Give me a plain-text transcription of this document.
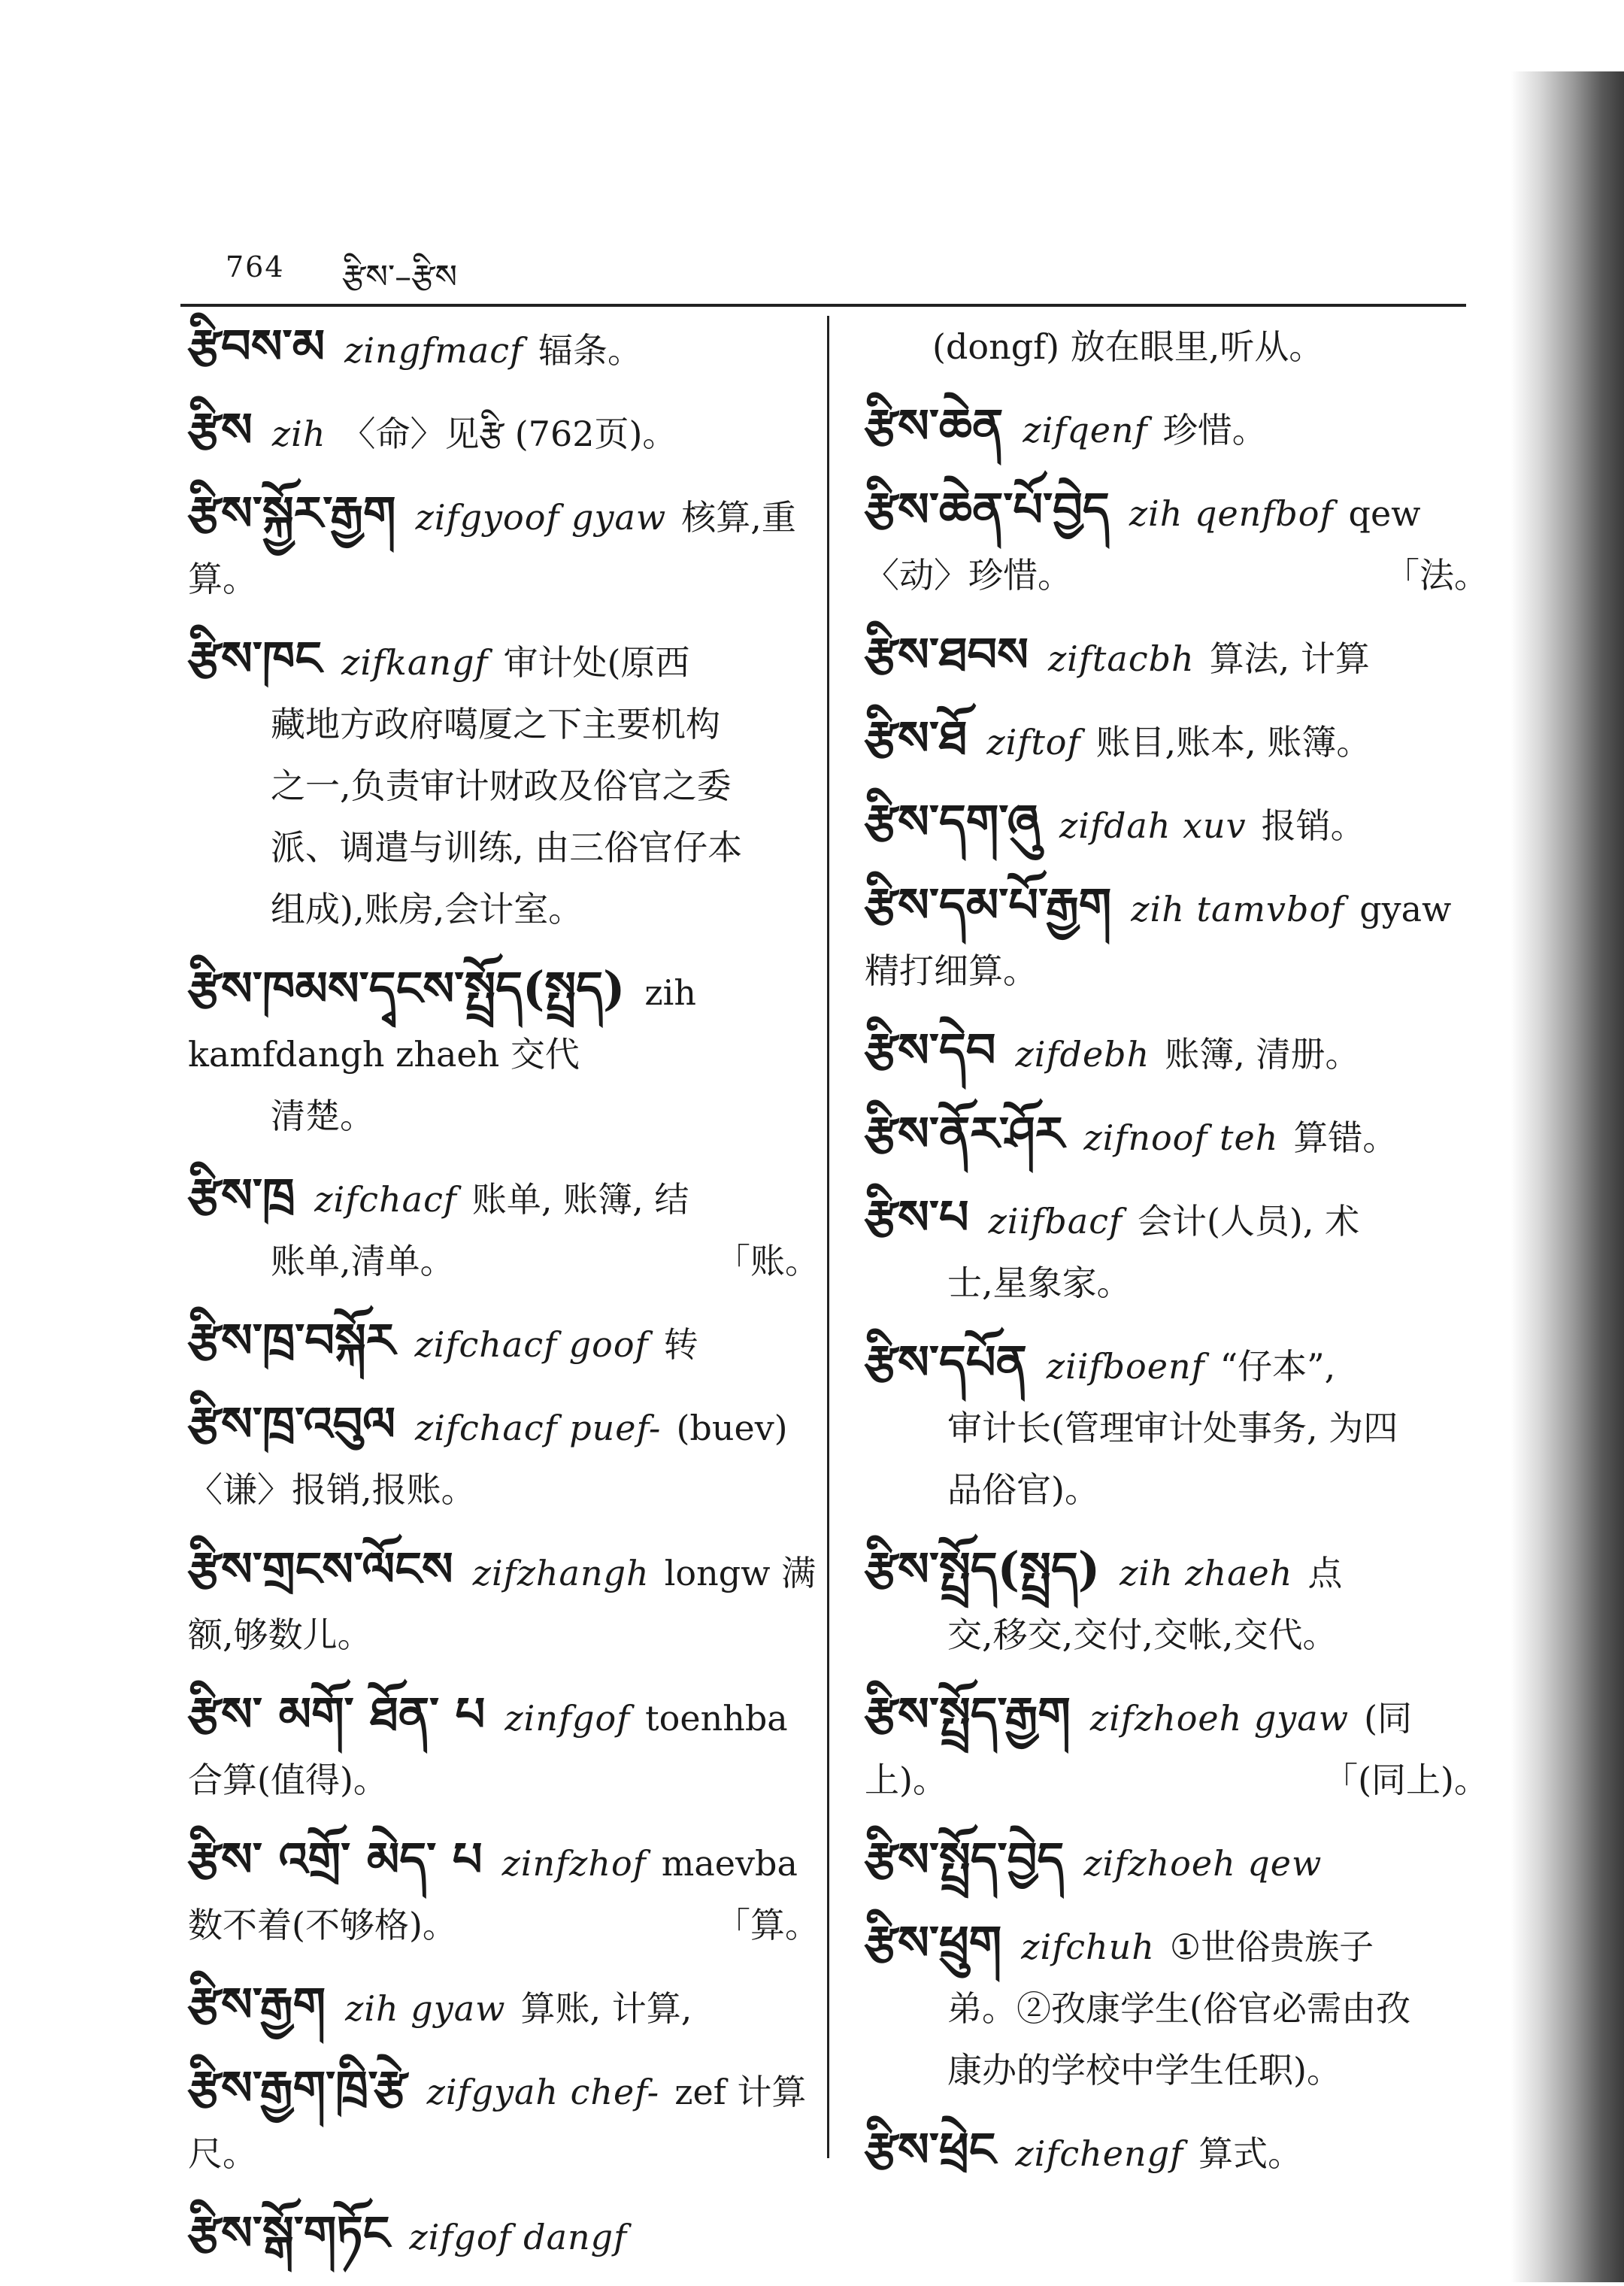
764 རྩིས་–རྩིས
རྩིབས་མ zingfmacf 辐条。
རྩིས zih 〈命〉见རྩི (762页)。
རྩིས་སྐྱོར་རྒྱག zifgyoof gyaw 核算,重算。
རྩིས་ཁང zifkangf 审计处(原西
藏地方政府噶厦之下主要机构
之一,负责审计财政及俗官之委
派、调遣与训练, 由三俗官仔本
组成),账房,会计室。
རྩིས་ཁམས་དྭངས་སྤྲོད(སྤྲད) zih kamfdangh zhaeh 交代
清楚。
རྩིས་ཁྲ zifchacf 账单, 账簿, 结
账单,清单。	「账。
རྩིས་ཁྲ་བསྐོར zifchacf goof 转
རྩིས་ཁྲ་འབུལ zifchacf puef- (buev) 〈谦〉报销,报账。
རྩིས་གྲངས་ལོངས zifzhangh longw 满额,够数儿。
རྩིས་ མགོ་ ཐོན་ པ zinfgof toenhba 合算(值得)。
རྩིས་ འགྲོ་ མེད་ པ zinfzhof maevba 数不着(不够格)。	「算。
རྩིས་རྒྱག zih gyaw 算账, 计算,
རྩིས་རྒྱག་ཁྲི་རྩེ zifgyah chef- zef 计算尺。
རྩིས་སྒོ་གཏོང zifgof dangf
(dongf) 放在眼里,听从。
རྩིས་ཆེན zifqenf 珍惜。
རྩིས་ཆེན་པོ་བྱེད zih qenfbof qew 〈动〉珍惜。	「法。
རྩིས་ཐབས ziftacbh 算法, 计算
རྩིས་ཐོ ziftof 账目,账本, 账簿。
རྩིས་དག་ཞུ zifdah xuv 报销。
རྩིས་དམ་པོ་རྒྱག zih tamvbof gyaw 精打细算。
རྩིས་དེབ zifdebh 账簿, 清册。
རྩིས་ནོར་ཤོར zifnoof teh 算错。
རྩིས་པ ziifbacf 会计(人员), 术
士,星象家。
རྩིས་དཔོན ziifboenf “仔本”,
审计长(管理审计处事务, 为四
品俗官)。
རྩིས་སྤྲོད(སྤྲད) zih zhaeh 点
交,移交,交付,交帐,交代。
རྩིས་སྤྲོད་རྒྱག zifzhoeh gyaw (同上)。	「(同上)。
རྩིས་སྤྲོད་བྱེད zifzhoeh qew
རྩིས་ཕྲུག zifchuh ①世俗贵族子
弟。②孜康学生(俗官必需由孜
康办的学校中学生任职)。
རྩིས་ཕྲེང zifchengf 算式。
